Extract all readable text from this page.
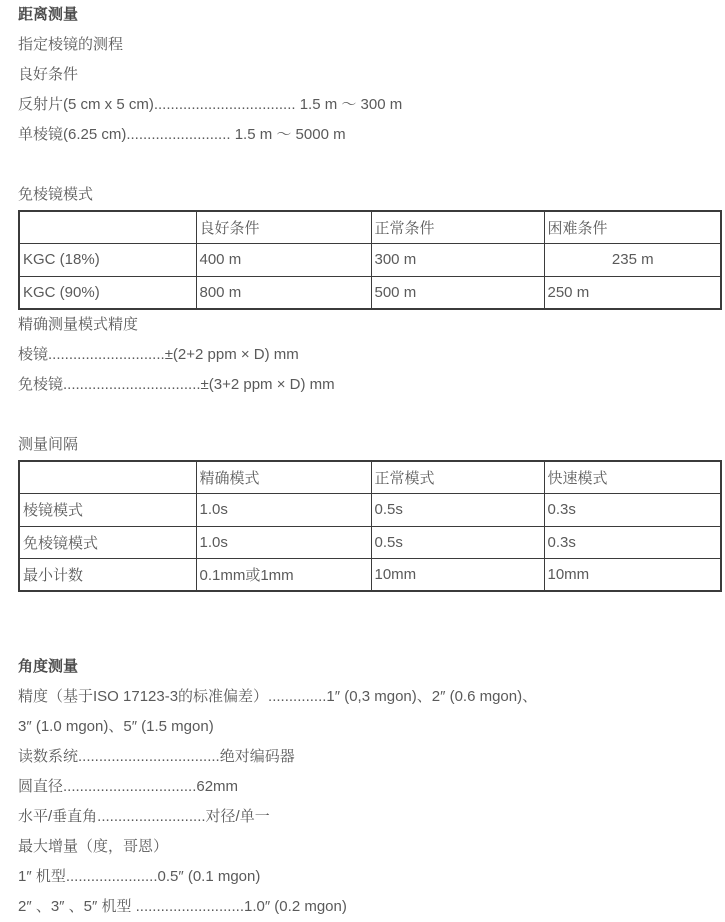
距离测量

指定棱镜的测程

良好条件

反射片(5 cm x 5 cm).................................. 1.5 m ～ 300 m

单棱镜(6.25 cm)......................... 1.5 m ～ 5000 m

免棱镜模式

	良好条件	正常条件	困难条件
KGC (18%)	400 m	300 m	235 m
KGC (90%)	800 m	500 m	250 m

精确测量模式精度

棱镜............................±(2+2 ppm × D) mm

免棱镜.................................±(3+2 ppm × D) mm

测量间隔

	精确模式	正常模式	快速模式
棱镜模式	1.0s	0.5s	0.3s
免棱镜模式	1.0s	0.5s	0.3s
最小计数	0.1mm或1mm	10mm	10mm

角度测量

精度（基于ISO 17123-3的标准偏差）..............1″ (0,3 mgon)、2″ (0.6 mgon)、

3″ (1.0 mgon)、5″ (1.5 mgon)

读数系统..................................绝对编码器

圆直径................................62mm

水平/垂直角..........................对径/单一

最大增量（度，哥恩）

1″ 机型......................0.5″ (0.1 mgon)

2″ 、3″ 、5″ 机型 ..........................1.0″ (0.2 mgon)
